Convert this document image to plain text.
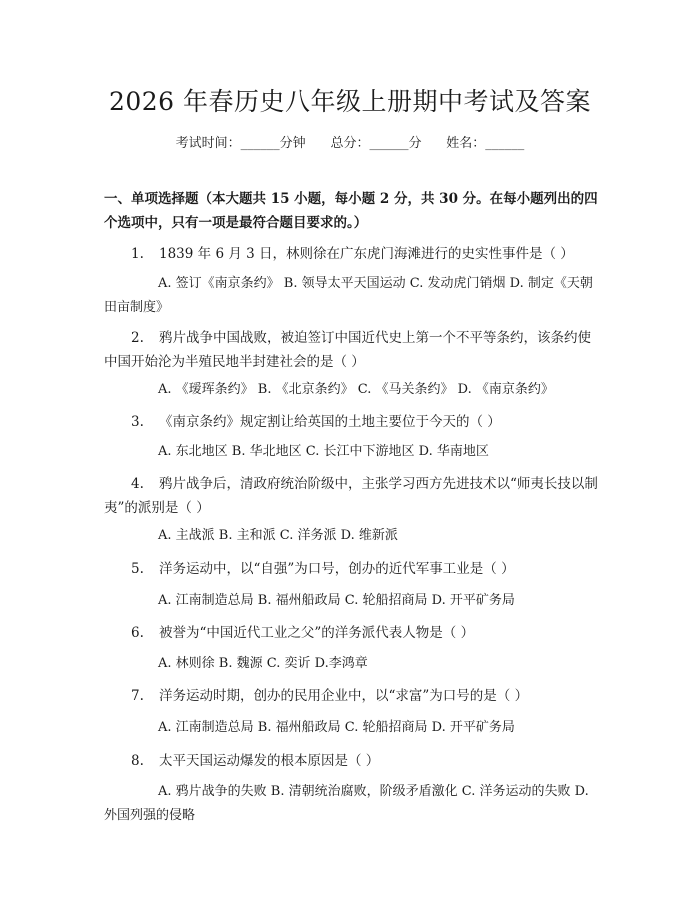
2026 年春历史八年级上册期中考试及答案
考试时间：______分钟 总分：______分 姓名：______
一、单项选择题（本大题共 15 小题，每小题 2 分，共 30 分。在每小题列出的四个选项中，只有一项是最符合题目要求的。）
1. 1839 年 6 月 3 日，林则徐在广东虎门海滩进行的史实性事件是（ ）
A. 签订《南京条约》 B. 领导太平天国运动 C. 发动虎门销烟 D. 制定《天朝田亩制度》
2. 鸦片战争中国战败，被迫签订中国近代史上第一个不平等条约，该条约使中国开始沦为半殖民地半封建社会的是（ ）
A. 《瑷珲条约》 B. 《北京条约》 C. 《马关条约》 D. 《南京条约》
3. 《南京条约》规定割让给英国的土地主要位于今天的（ ）
A. 东北地区 B. 华北地区 C. 长江中下游地区 D. 华南地区
4. 鸦片战争后，清政府统治阶级中，主张学习西方先进技术以“师夷长技以制夷”的派别是（ ）
A. 主战派 B. 主和派 C. 洋务派 D. 维新派
5. 洋务运动中，以“自强”为口号，创办的近代军事工业是（ ）
A. 江南制造总局 B. 福州船政局 C. 轮船招商局 D. 开平矿务局
6. 被誉为“中国近代工业之父”的洋务派代表人物是（ ）
A. 林则徐 B. 魏源 C. 奕䜣 D.李鸿章
7. 洋务运动时期，创办的民用企业中，以“求富”为口号的是（ ）
A. 江南制造总局 B. 福州船政局 C. 轮船招商局 D. 开平矿务局
8. 太平天国运动爆发的根本原因是（ ）
A. 鸦片战争的失败 B. 清朝统治腐败，阶级矛盾激化 C. 洋务运动的失败 D. 外国列强的侵略
